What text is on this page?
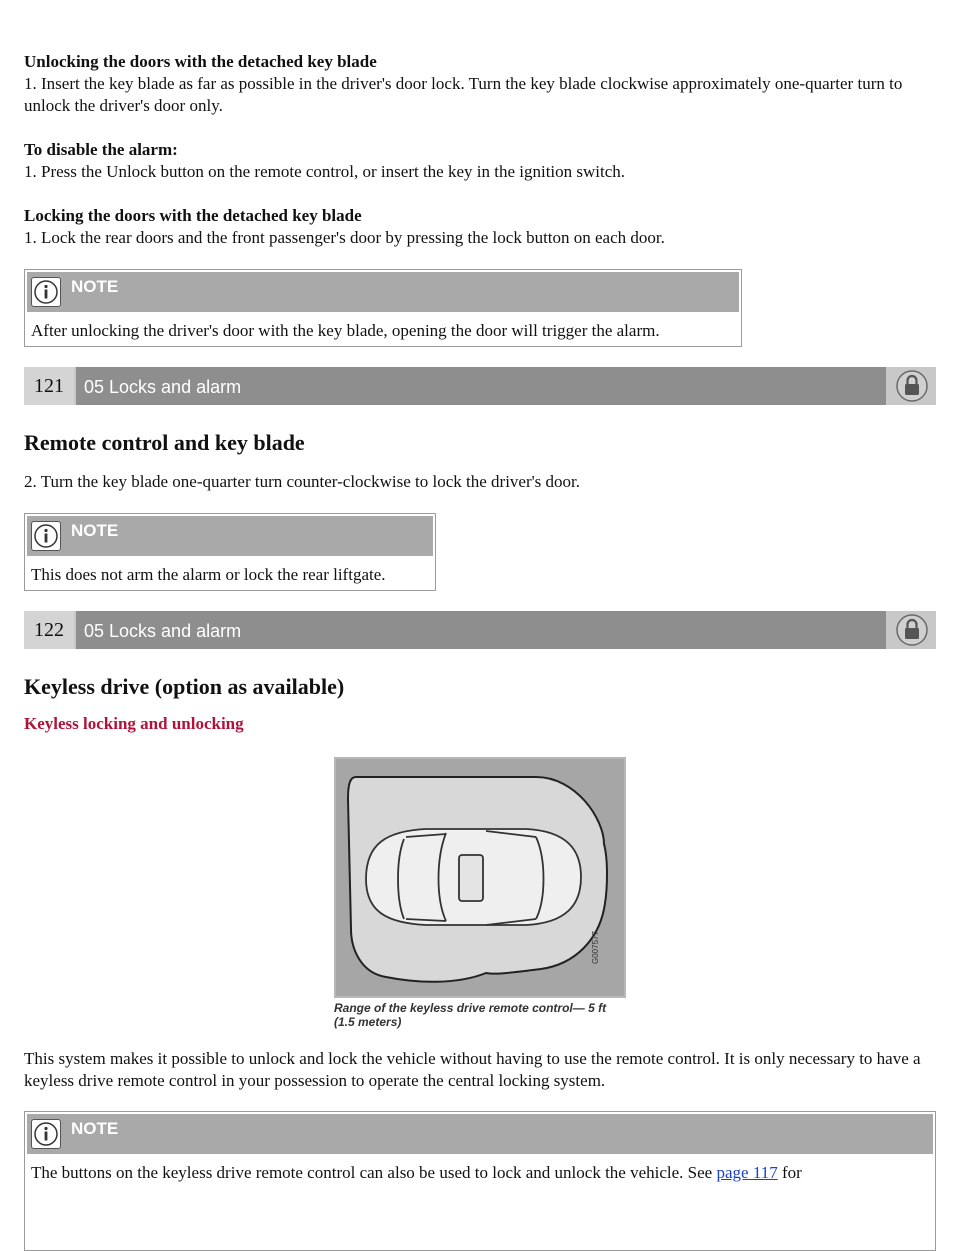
Unlocking the doors with the detached key blade

1. Insert the key blade as far as possible in the driver's door lock. Turn the key blade clockwise approximately one-quarter turn to unlock the driver's door only.

To disable the alarm:

1. Press the Unlock button on the remote control, or insert the key in the ignition switch.

Locking the doors with the detached key blade

1. Lock the rear doors and the front passenger's door by pressing the lock button on each door.

NOTE
After unlocking the driver's door with the key blade, opening the door will trigger the alarm.
121	05 Locks and alarm
Remote control and key blade

2. Turn the key blade one-quarter turn counter-clockwise to lock the driver's door.

NOTE
This does not arm the alarm or lock the rear liftgate.
122	05 Locks and alarm
Keyless drive (option as available)

Keyless locking and unlocking

G007577
Range of the keyless drive remote control— 5 ft (1.5 meters)

This system makes it possible to unlock and lock the vehicle without having to use the remote control. It is only necessary to have a keyless drive remote control in your possession to operate the central locking system.

NOTE
The buttons on the keyless drive remote control can also be used to lock and unlock the vehicle. See page 117 for
